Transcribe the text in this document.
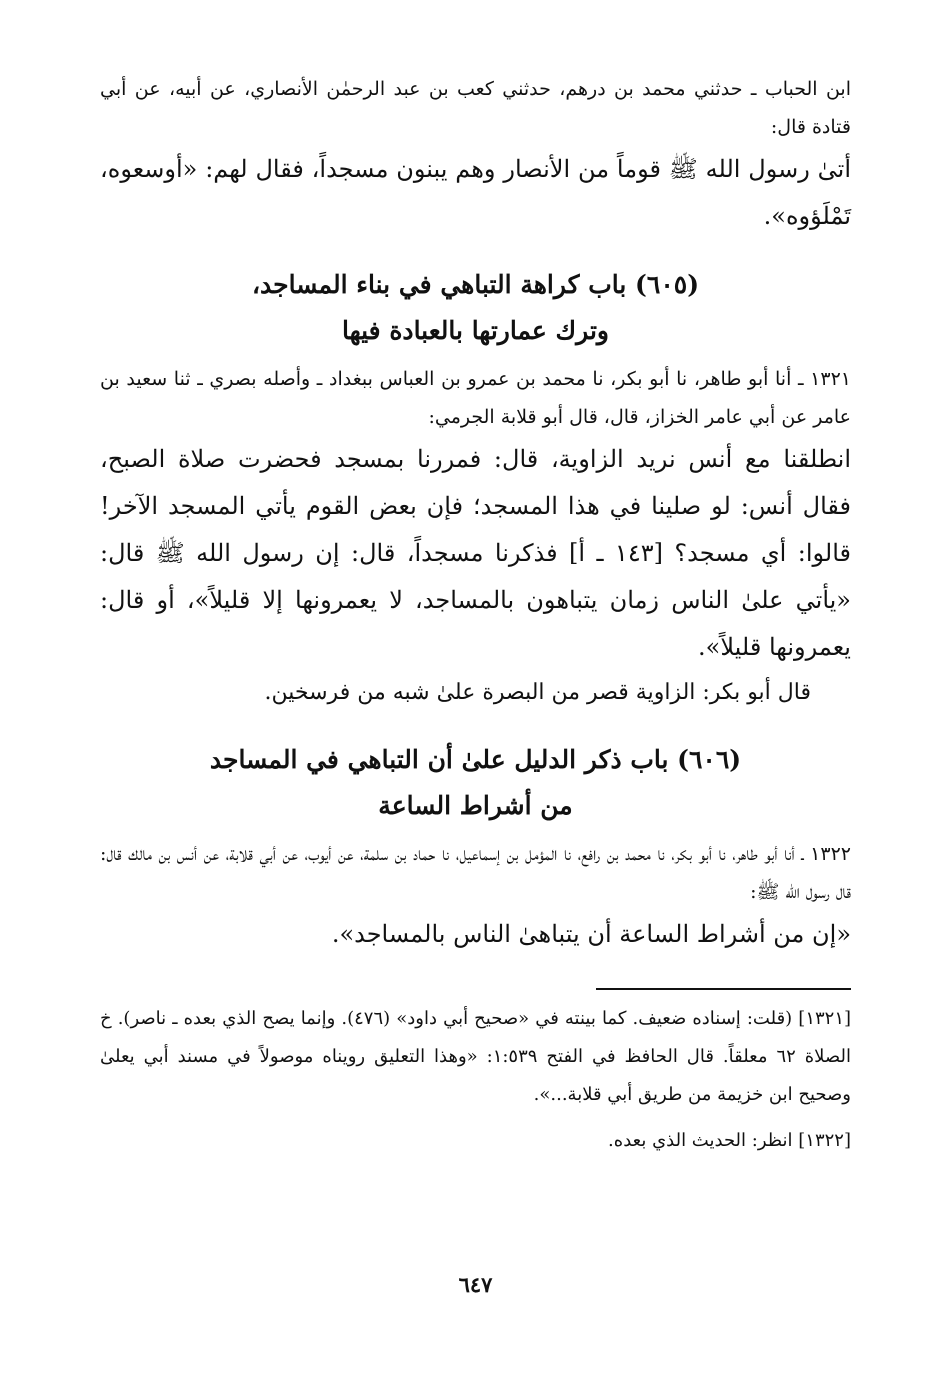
ابن الحباب ـ حدثني محمد بن درهم، حدثني كعب بن عبد الرحمٰن الأنصاري، عن أبيه، عن أبي قتادة قال:

أتىٰ رسول الله ﷺ قوماً من الأنصار وهم يبنون مسجداً، فقال لهم: «أوسعوه، تَمْلَؤوه».

(٦٠٥) باب كراهة التباهي في بناء المساجد،
وترك عمارتها بالعبادة فيها

١٣٢١ ـ أنا أبو طاهر، نا أبو بكر، نا محمد بن عمرو بن العباس ببغداد ـ وأصله بصري ـ ثنا سعيد بن عامر عن أبي عامر الخزاز، قال، قال أبو قلابة الجرمي:

انطلقنا مع أنس نريد الزاوية، قال: فمررنا بمسجد فحضرت صلاة الصبح، فقال أنس: لو صلينا في هذا المسجد؛ فإن بعض القوم يأتي المسجد الآخر! قالوا: أي مسجد؟ [١٤٣ ـ أ] فذكرنا مسجداً، قال: إن رسول الله ﷺ قال: «يأتي علىٰ الناس زمان يتباهون بالمساجد، لا يعمرونها إلا قليلاً»، أو قال: يعمرونها قليلاً».

قال أبو بكر: الزاوية قصر من البصرة علىٰ شبه من فرسخين.

(٦٠٦) باب ذكر الدليل علىٰ أن التباهي في المساجد
من أشراط الساعة

١٣٢٢ ـ أنا أبو طاهر، نا أبو بكر، نا محمد بن رافع، نا المؤمل بن إسماعيل، نا حماد بن سلمة، عن أيوب، عن أبي قلابة، عن أنس بن مالك قال: قال رسول الله ﷺ:

«إن من أشراط الساعة أن يتباهىٰ الناس بالمساجد».

[١٣٢١] (قلت: إسناده ضعيف. كما بينته في «صحيح أبي داود» (٤٧٦). وإنما يصح الذي بعده ـ ناصر). خ الصلاة ٦٢ معلقاً. قال الحافظ في الفتح ١:٥٣٩: «وهذا التعليق رويناه موصولاً في مسند أبي يعلىٰ وصحيح ابن خزيمة من طريق أبي قلابة...».

[١٣٢٢] انظر: الحديث الذي بعده.

٦٤٧
